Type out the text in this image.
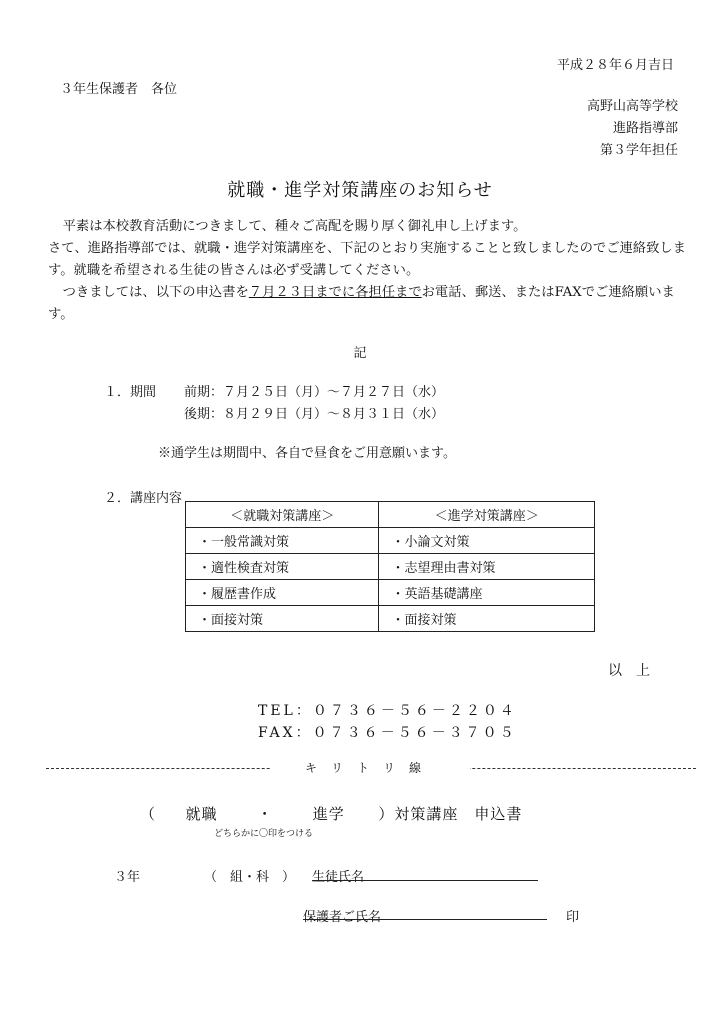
平成２８年６月吉日
３年生保護者　各位
高野山高等学校
進路指導部
第３学年担任
就職・進学対策講座のお知らせ

平素は本校教育活動につきまして、種々ご高配を賜り厚く御礼申し上げます。

さて、進路指導部では、就職・進学対策講座を、下記のとおり実施することと致しましたのでご連絡致します。就職を希望される生徒の皆さんは必ず受講してください。

つきましては、以下の申込書を７月２３日までに各担任までお電話、郵送、またはFAXでご連絡願います。

記
１．期間	前期： ７月２５日（月）～７月２７日（水）
後期： ８月２９日（月）～８月３１日（水）
※通学生は期間中、各自で昼食をご用意願います。
２．講座内容
＜就職対策講座＞	＜進学対策講座＞
・一般常識対策	・小論文対策
・適性検査対策	・志望理由書対策
・履歴書作成	・英語基礎講座
・面接対策	・面接対策
以上
TEL：０７３６－５６－２２０４
FAX：０７３６－５６－３７０５
キリトリ線
（ 就職	・	進学 ）対策講座　申込書
どちらかに〇印をつける
３年	（　組・科　） 生徒氏名
保護者ご氏名	印
